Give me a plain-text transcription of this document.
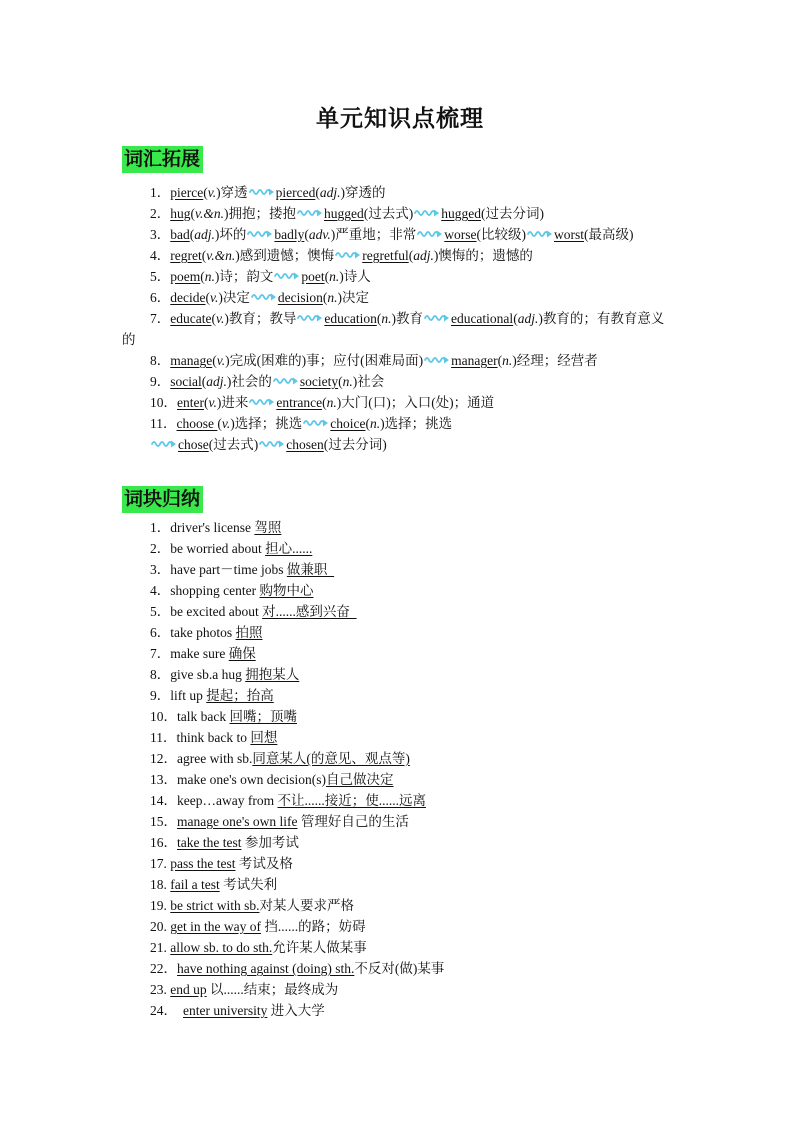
单元知识点梳理
词汇拓展
1．pierce(v.)穿透 pierced(adj.)穿透的
2．hug(v.&n.)拥抱；搂抱 hugged(过去式) hugged(过去分词)
3．bad(adj.)坏的 badly(adv.)严重地；非常 worse(比较级) worst(最高级)
4．regret(v.&n.)感到遗憾；懊悔 regretful(adj.)懊悔的；遗憾的
5．poem(n.)诗；韵文 poet(n.)诗人
6．decide(v.)决定 decision(n.)决定
7．educate(v.)教育；教导 education(n.)教育 educational(adj.)教育的；有教育意义
的
8．manage(v.)完成(困难的)事；应付(困难局面) manager(n.)经理；经营者
9．social(adj.)社会的 society(n.)社会
10．enter(v.)进来 entrance(n.)大门(口)；入口(处)；通道
11．choose (v.)选择；挑选 choice(n.)选择；挑选
chose(过去式) chosen(过去分词)
词块归纳
1．driver's license 驾照
2．be worried about 担心......
3．have part－time jobs 做兼职
4．shopping center 购物中心
5．be excited about 对......感到兴奋
6．take photos 拍照
7．make sure 确保
8．give sb.a hug 拥抱某人
9．lift up 提起；抬高
10．talk back 回嘴；顶嘴
11．think back to 回想
12．agree with sb.同意某人(的意见、观点等)
13．make one's own decision(s)自己做决定
14．keep…away from 不让......接近；使......远离
15．manage one's own life 管理好自己的生活
16．take the test 参加考试
17. pass the test 考试及格
18. fail a test 考试失利
19. be strict with sb.对某人要求严格
20. get in the way of 挡......的路；妨碍
21. allow sb. to do sth.允许某人做某事
22．have nothing against (doing) sth.不反对(做)某事
23. end up 以......结束；最终成为
24． enter university 进入大学
